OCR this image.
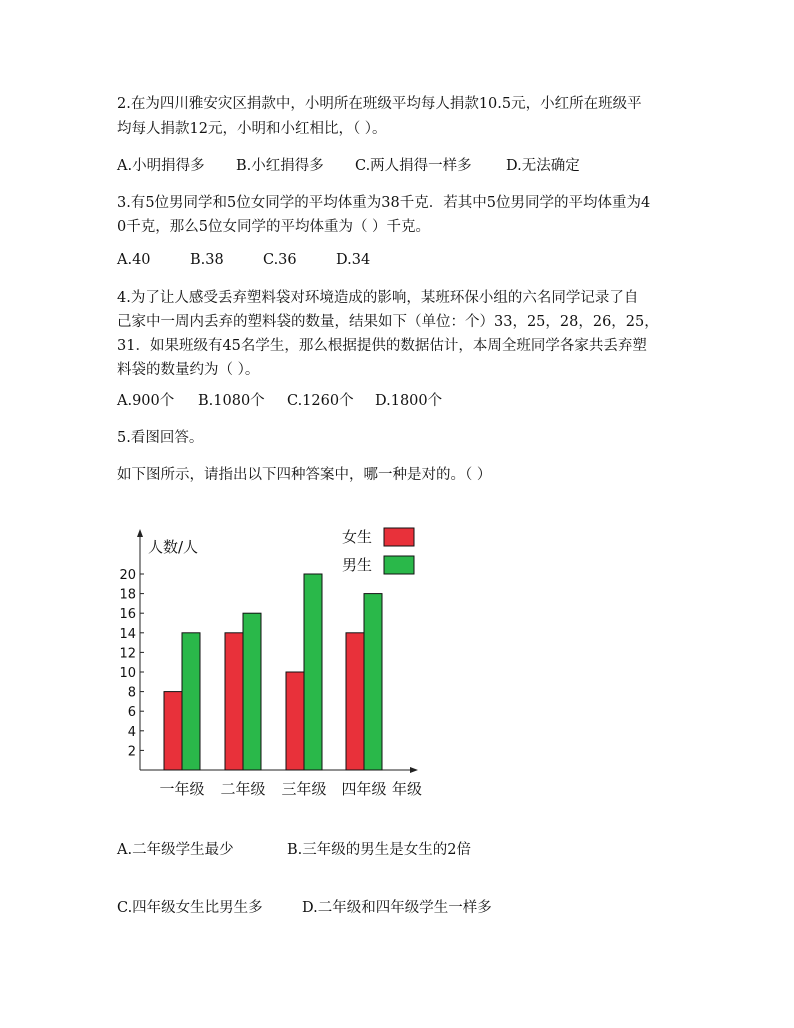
2.在为四川雅安灾区捐款中，小明所在班级平均每人捐款10.5元，小红所在班级平
均每人捐款12元，小明和小红相比，（ ）。
A.小明捐得多 B.小红捐得多 C.两人捐得一样多 D.无法确定
3.有5位男同学和5位女同学的平均体重为38千克．若其中5位男同学的平均体重为4
0千克，那么5位女同学的平均体重为（ ）千克。
A.40	B.38	C.36	D.34
4.为了让人感受丢弃塑料袋对环境造成的影响，某班环保小组的六名同学记录了自
己家中一周内丢弃的塑料袋的数量，结果如下（单位：个）33，25，28，26，25，
31．如果班级有45名学生，那么根据提供的数据估计，本周全班同学各家共丢弃塑
料袋的数量约为（ ）。
A.900个 B.1080个 C.1260个 D.1800个
5.看图回答。
如下图所示，请指出以下四种答案中，哪一种是对的。（ ）
人数/人
年级
2
4
6
8
10
12
14
16
18
20
一年级 二年级 三年级 四年级
女生
男生
A.二年级学生最少	B.三年级的男生是女生的2倍
C.四年级女生比男生多	D.二年级和四年级学生一样多
